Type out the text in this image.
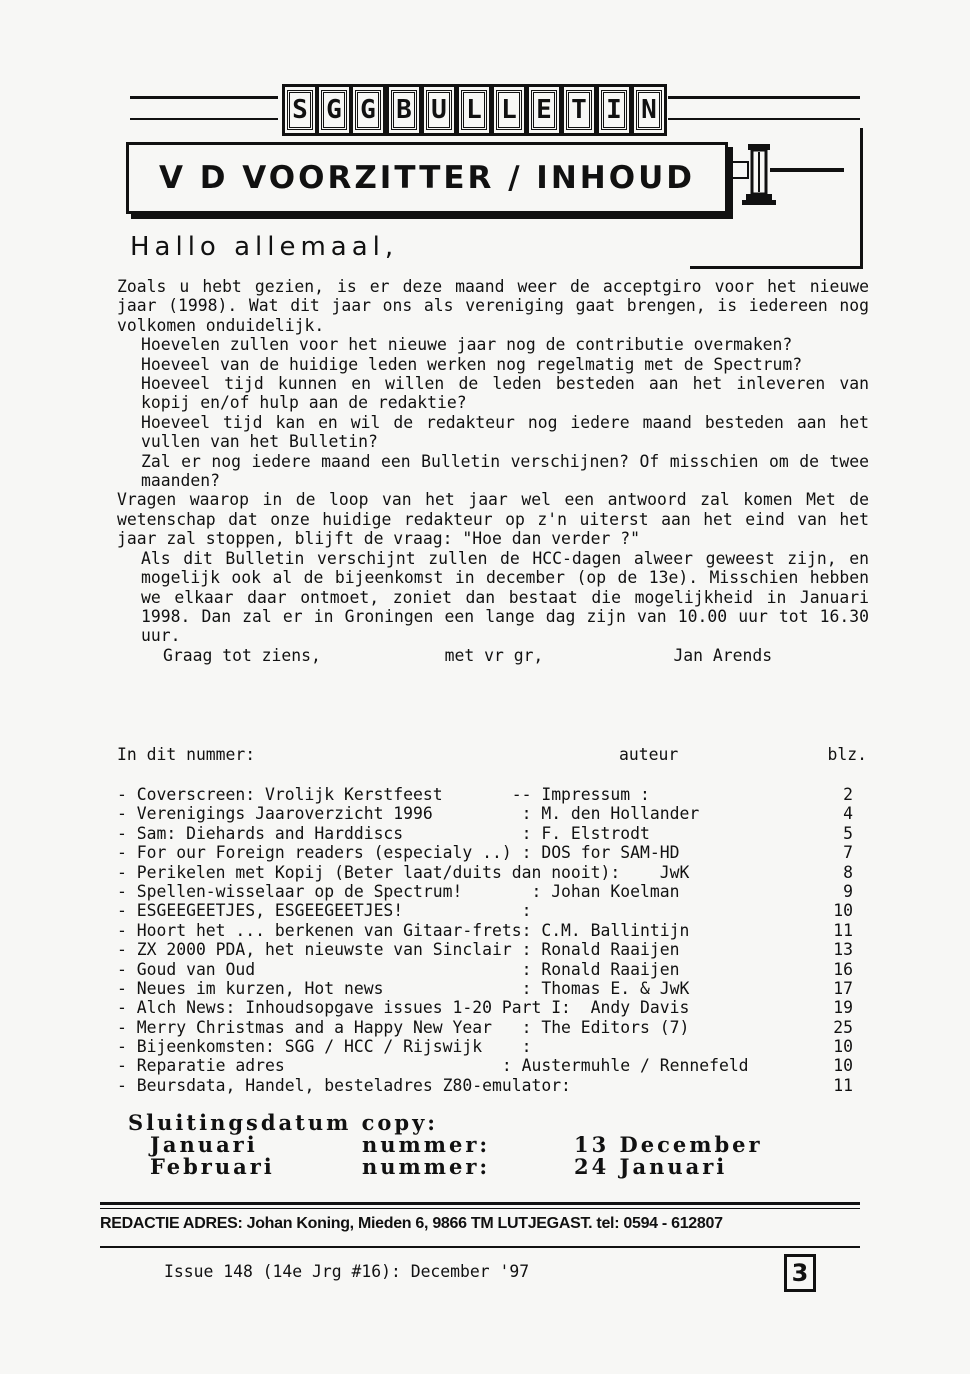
S G G B U L L E T I N
V D VOORZITTER / INHOUD
Hallo allemaal,

Zoals u hebt gezien, is er deze maand weer de acceptgiro voor het nieuwe jaar (1998). Wat dit jaar ons als vereniging gaat brengen, is iedereen nog volkomen onduidelijk.

Hoevelen zullen voor het nieuwe jaar nog de contributie overmaken?

Hoeveel van de huidige leden werken nog regelmatig met de Spectrum?

Hoeveel tijd kunnen en willen de leden besteden aan het inleveren van kopij en/of hulp aan de redaktie?

Hoeveel tijd kan en wil de redakteur nog iedere maand besteden aan het vullen van het Bulletin?

Zal er nog iedere maand een Bulletin verschijnen? Of misschien om de twee maanden?

Vragen waarop in de loop van het jaar wel een antwoord zal komen Met de wetenschap dat onze huidige redakteur op z'n uiterst aan het eind van het jaar zal stoppen, blijft de vraag: "Hoe dan verder ?"

Als dit Bulletin verschijnt zullen de HCC-dagen alweer geweest zijn, en mogelijk ook al de bijeenkomst in december (op de 13e). Misschien hebben we elkaar daar ontmoet, zoniet dan bestaat die mogelijkheid in Januari 1998. Dan zal er in Groningen een lange dag zijn van 10.00 uur tot 16.30 uur.

Graag tot ziens,	met vr gr,	Jan Arends
In dit nummer:	auteur	blz.
- Coverscreen: Vrolijk Kerstfeest       -- Impressum :	2
- Verenigings Jaaroverzicht 1996         : M. den Hollander	4
- Sam: Diehards and Harddiscs            : F. Elstrodt	5
- For our Foreign readers (especialy ..) : DOS for SAM-HD	7
- Perikelen met Kopij (Beter laat/duits dan nooit):    JwK	8
- Spellen-wisselaar op de Spectrum!       : Johan Koelman	9
- ESGEEGEETJES, ESGEEGEETJES!            :	10
- Hoort het ... berkenen van Gitaar-frets: C.M. Ballintijn	11
- ZX 2000 PDA, het nieuwste van Sinclair : Ronald Raaijen	13
- Goud van Oud                           : Ronald Raaijen	16
- Neues im kurzen, Hot news              : Thomas E. & JwK	17
- Alch News: Inhoudsopgave issues 1-20 Part I:  Andy Davis	19
- Merry Christmas and a Happy New Year   : The Editors (7)	25
- Bijeenkomsten: SGG / HCC / Rijswijk    :	10
- Reparatie adres                      : Austermuhle / Rennefeld	10
- Beursdata, Handel, besteladres Z80-emulator:	11
Sluitingsdatum copy:
Januari	nummer:	13 December
Februari	nummer:	24 Januari
REDACTIE ADRES: Johan Koning, Mieden 6, 9866 TM LUTJEGAST. tel: 0594 - 612807
Issue 148 (14e Jrg #16): December '97	3
